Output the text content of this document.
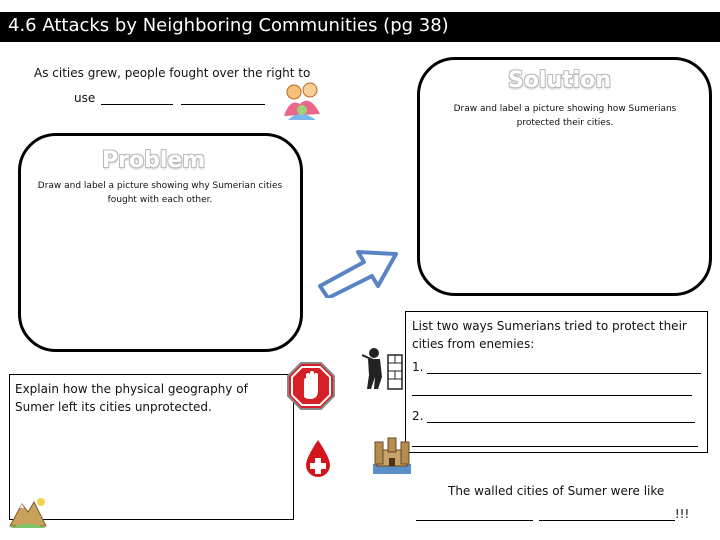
4.6 Attacks by Neighboring Communities (pg 38)
As cities grew, people fought over the right to
use
Solution
Draw and label a picture showing how Sumerians protected their cities.
Problem
Draw and label a picture showing why Sumerian cities fought with each other.
List two ways Sumerians tried to protect their cities from enemies:
1.
2.
Explain how the physical geography of Sumer left its cities unprotected.
The walled cities of Sumer were like
!!!
